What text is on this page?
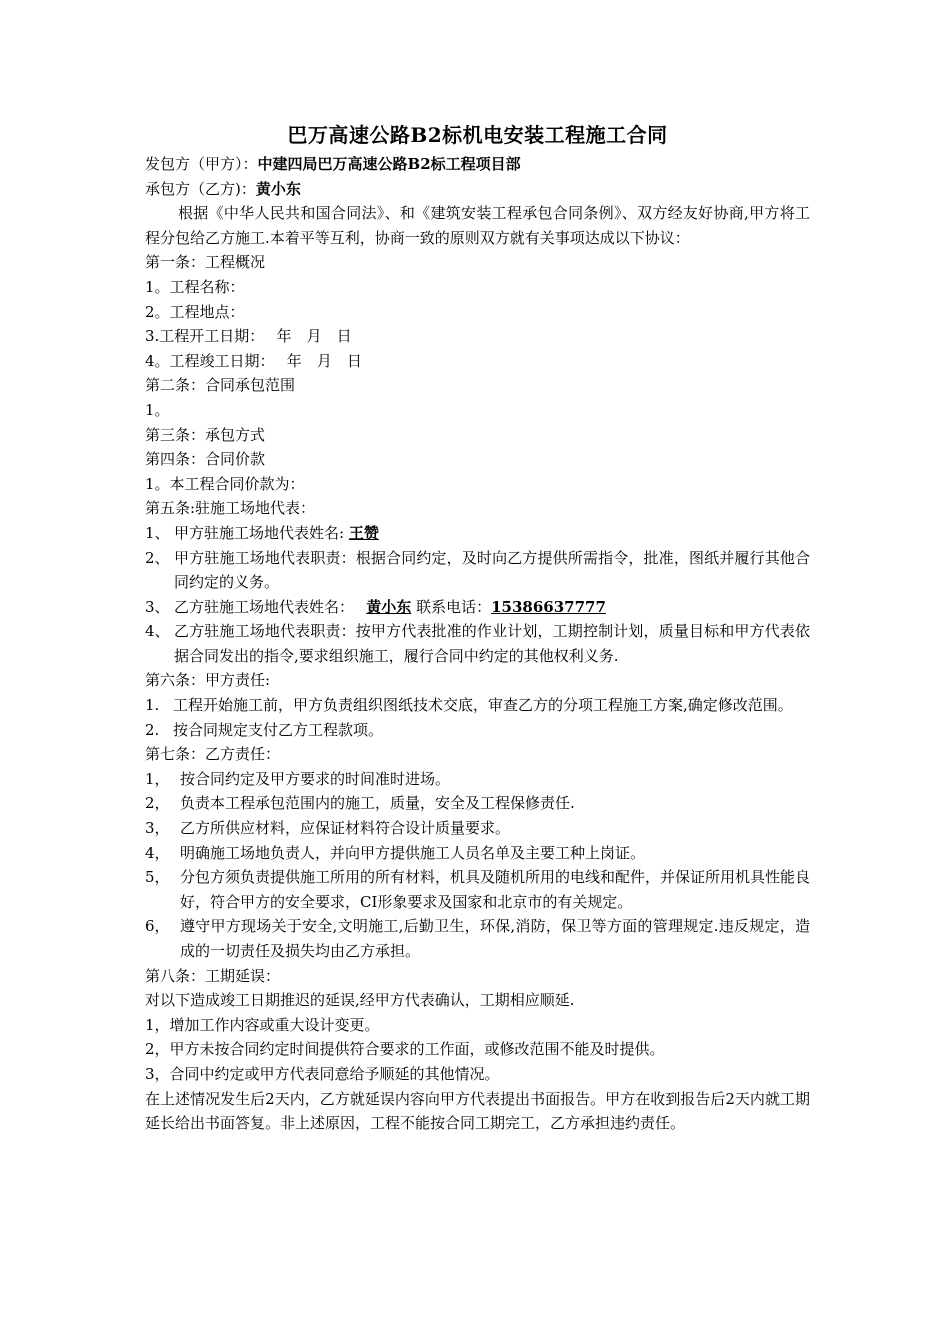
巴万高速公路B2标机电安装工程施工合同
发包方（甲方）：中建四局巴万高速公路B2标工程项目部
承包方（乙方)：黄小东
根据《中华人民共和国合同法》、和《建筑安装工程承包合同条例》、双方经友好协商,甲方将工程分包给乙方施工.本着平等互利，协商一致的原则双方就有关事项达成以下协议：
第一条：工程概况
1。工程名称：
2。工程地点：
3.工程开工日期：　 年　月　日
4。工程竣工日期：　 年　月　日
第二条：合同承包范围
1。
第三条：承包方式
第四条：合同价款
1。本工程合同价款为：
第五条:驻施工场地代表：
1、 甲方驻施工场地代表姓名: 王赞
2、 甲方驻施工场地代表职责：根据合同约定，及时向乙方提供所需指令，批准，图纸并履行其他合同约定的义务。
3、 乙方驻施工场地代表姓名：　 黄小东 联系电话：15386637777
4、 乙方驻施工场地代表职责：按甲方代表批准的作业计划，工期控制计划，质量目标和甲方代表依据合同发出的指令,要求组织施工，履行合同中约定的其他权利义务.
第六条：甲方责任:
1. 工程开始施工前，甲方负责组织图纸技术交底，审查乙方的分项工程施工方案,确定修改范围。
2. 按合同规定支付乙方工程款项。
第七条：乙方责任：
1， 按合同约定及甲方要求的时间准时进场。
2， 负责本工程承包范围内的施工，质量，安全及工程保修责任.
3， 乙方所供应材料，应保证材料符合设计质量要求。
4， 明确施工场地负责人，并向甲方提供施工人员名单及主要工种上岗证。
5， 分包方须负责提供施工所用的所有材料，机具及随机所用的电线和配件，并保证所用机具性能良好，符合甲方的安全要求，CI形象要求及国家和北京市的有关规定。
6， 遵守甲方现场关于安全,文明施工,后勤卫生，环保,消防，保卫等方面的管理规定.违反规定，造成的一切责任及损失均由乙方承担。
第八条：工期延误：
对以下造成竣工日期推迟的延误,经甲方代表确认，工期相应顺延.
1，增加工作内容或重大设计变更。
2，甲方未按合同约定时间提供符合要求的工作面，或修改范围不能及时提供。
3，合同中约定或甲方代表同意给予顺延的其他情况。
在上述情况发生后2天内，乙方就延误内容向甲方代表提出书面报告。甲方在收到报告后2天内就工期延长给出书面答复。非上述原因，工程不能按合同工期完工，乙方承担违约责任。
